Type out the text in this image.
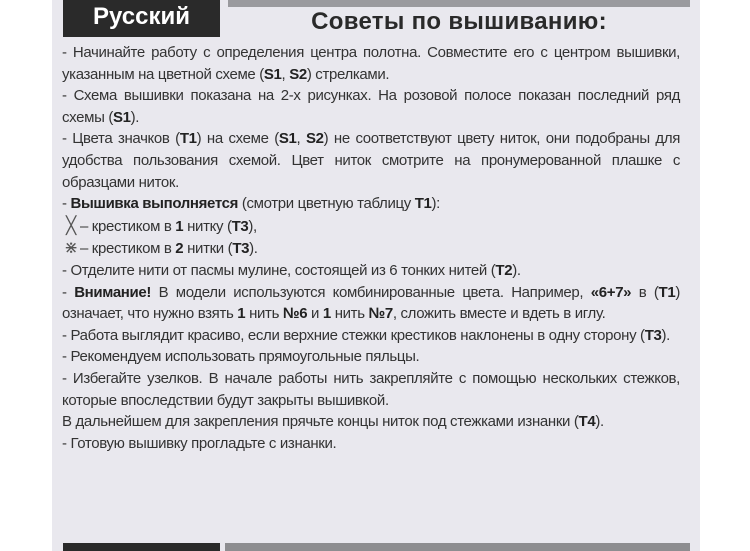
Русский	Советы по вышиванию:

- Начинайте работу с определения центра полотна. Совместите его с центром вышивки, указанным на цветной схеме (S1, S2) стрелками.

- Схема вышивки показана на 2-х рисунках. На розовой полосе показан последний ряд схемы (S1).

- Цвета значков (T1) на схеме (S1, S2) не соответствуют цвету ниток, они подобраны для удобства пользования схемой. Цвет ниток смотрите на пронумерованной плашке с образцами ниток.

- Вышивка выполняется (смотри цветную таблицу T1):

╳ – крестиком в 1 нитку (T3),

⋇ – крестиком в 2 нитки (T3).

- Отделите нити от пасмы мулине, состоящей из 6 тонких нитей (T2).

- Внимание! В модели используются комбинированные цвета. Например, «6+7» в (T1) означает, что нужно взять 1 нить №6 и 1 нить №7, сложить вместе и вдеть в иглу.

- Работа выглядит красиво, если верхние стежки крестиков наклонены в одну сторону (T3).

- Рекомендуем использовать прямоугольные пяльцы.

- Избегайте узелков. В начале работы нить закрепляйте с помощью нескольких стежков, которые впоследствии будут закрыты вышивкой.

В дальнейшем для закрепления прячьте концы ниток под стежками изнанки (T4).

- Готовую вышивку прогладьте с изнанки.
